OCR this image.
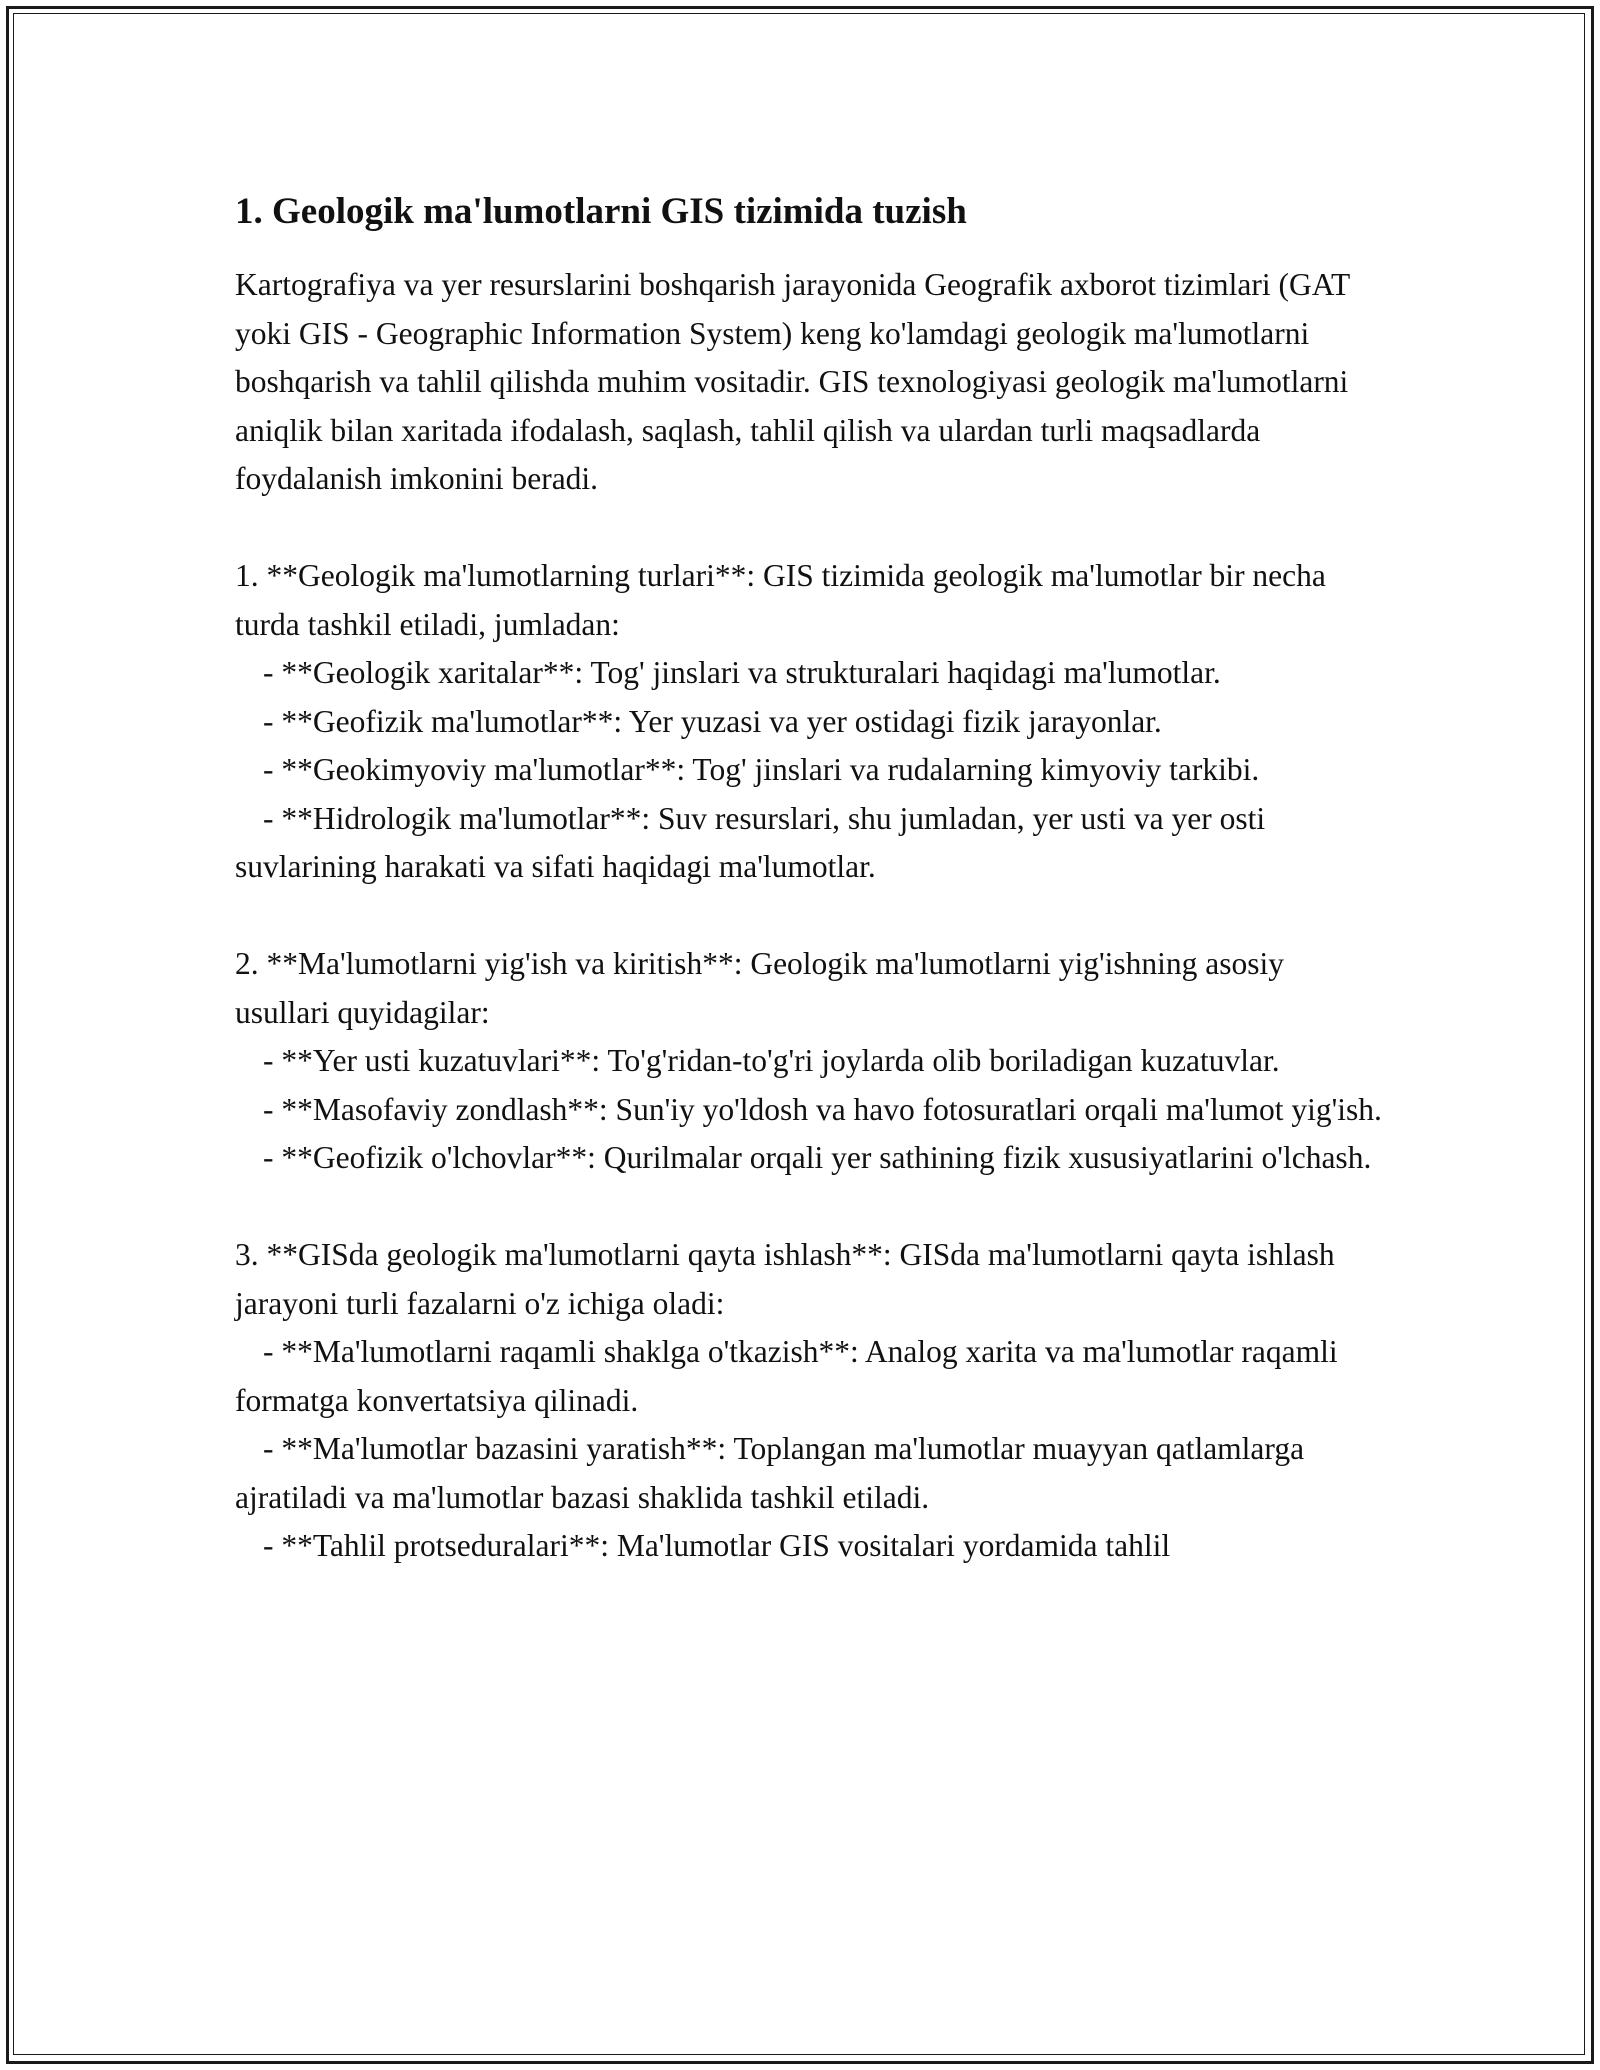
1. Geologik ma'lumotlarni GIS tizimida tuzish

Kartografiya va yer resurslarini boshqarish jarayonida Geografik axborot tizimlari (GAT yoki GIS - Geographic Information System) keng ko'lamdagi geologik ma'lumotlarni boshqarish va tahlil qilishda muhim vositadir. GIS texnologiyasi geologik ma'lumotlarni aniqlik bilan xaritada ifodalash, saqlash, tahlil qilish va ulardan turli maqsadlarda foydalanish imkonini beradi.

1. **Geologik ma'lumotlarning turlari**: GIS tizimida geologik ma'lumotlar bir necha turda tashkil etiladi, jumladan:

- **Geologik xaritalar**: Tog' jinslari va strukturalari haqidagi ma'lumotlar.

- **Geofizik ma'lumotlar**: Yer yuzasi va yer ostidagi fizik jarayonlar.

- **Geokimyoviy ma'lumotlar**: Tog' jinslari va rudalarning kimyoviy tarkibi.

- **Hidrologik ma'lumotlar**: Suv resurslari, shu jumladan, yer usti va yer osti suvlarining harakati va sifati haqidagi ma'lumotlar.

2. **Ma'lumotlarni yig'ish va kiritish**: Geologik ma'lumotlarni yig'ishning asosiy usullari quyidagilar:

- **Yer usti kuzatuvlari**: To'g'ridan-to'g'ri joylarda olib boriladigan kuzatuvlar.

- **Masofaviy zondlash**: Sun'iy yo'ldosh va havo fotosuratlari orqali ma'lumot yig'ish.

- **Geofizik o'lchovlar**: Qurilmalar orqali yer sathining fizik xususiyatlarini o'lchash.

3. **GISda geologik ma'lumotlarni qayta ishlash**: GISda ma'lumotlarni qayta ishlash jarayoni turli fazalarni o'z ichiga oladi:

- **Ma'lumotlarni raqamli shaklga o'tkazish**: Analog xarita va ma'lumotlar raqamli formatga konvertatsiya qilinadi.

- **Ma'lumotlar bazasini yaratish**: Toplangan ma'lumotlar muayyan qatlamlarga ajratiladi va ma'lumotlar bazasi shaklida tashkil etiladi.

- **Tahlil protseduralari**: Ma'lumotlar GIS vositalari yordamida tahlil
